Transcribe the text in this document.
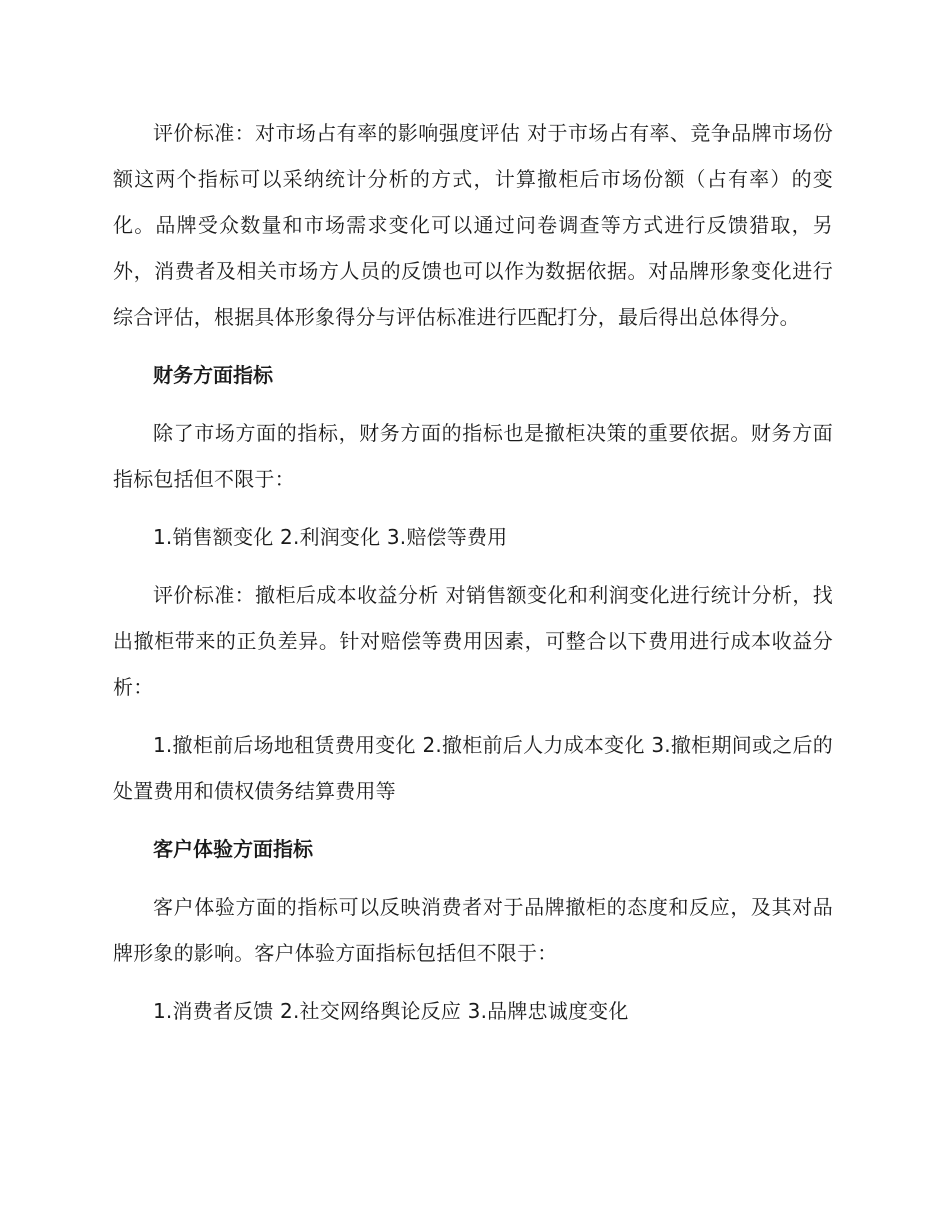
评价标准：对市场占有率的影响强度评估 对于市场占有率、竞争品牌市场份额这两个指标可以采纳统计分析的方式，计算撤柜后市场份额（占有率）的变化。品牌受众数量和市场需求变化可以通过问卷调查等方式进行反馈猎取，另外，消费者及相关市场方人员的反馈也可以作为数据依据。对品牌形象变化进行综合评估，根据具体形象得分与评估标准进行匹配打分，最后得出总体得分。

财务方面指标

除了市场方面的指标，财务方面的指标也是撤柜决策的重要依据。财务方面指标包括但不限于：

1.销售额变化 2.利润变化 3.赔偿等费用

评价标准：撤柜后成本收益分析 对销售额变化和利润变化进行统计分析，找出撤柜带来的正负差异。针对赔偿等费用因素，可整合以下费用进行成本收益分析：

1.撤柜前后场地租赁费用变化 2.撤柜前后人力成本变化 3.撤柜期间或之后的处置费用和债权债务结算费用等

客户体验方面指标

客户体验方面的指标可以反映消费者对于品牌撤柜的态度和反应，及其对品牌形象的影响。客户体验方面指标包括但不限于：

1.消费者反馈 2.社交网络舆论反应 3.品牌忠诚度变化
